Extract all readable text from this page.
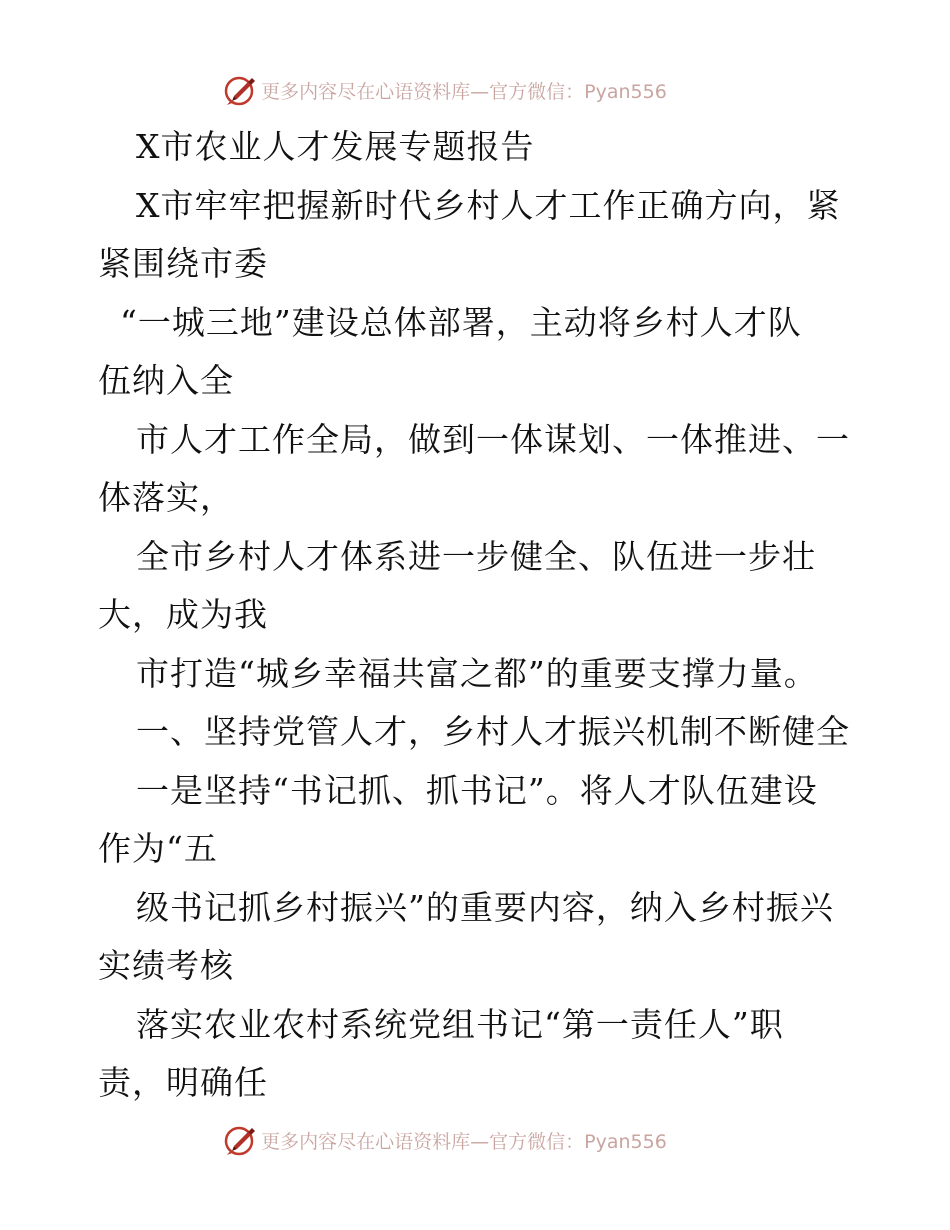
更多内容尽在心语资料库—官方微信：Pyan556
X市农业人才发展专题报告
X市牢牢把握新时代乡村人才工作正确方向，紧
紧围绕市委
“一城三地”建设总体部署，主动将乡村人才队
伍纳入全
市人才工作全局，做到一体谋划、一体推进、一
体落实，
全市乡村人才体系进一步健全、队伍进一步壮
大，成为我
市打造“城乡幸福共富之都”的重要支撑力量。
一、坚持党管人才，乡村人才振兴机制不断健全
一是坚持“书记抓、抓书记”。将人才队伍建设
作为“五
级书记抓乡村振兴”的重要内容，纳入乡村振兴
实绩考核
落实农业农村系统党组书记“第一责任人”职
责，明确任
更多内容尽在心语资料库—官方微信：Pyan556
